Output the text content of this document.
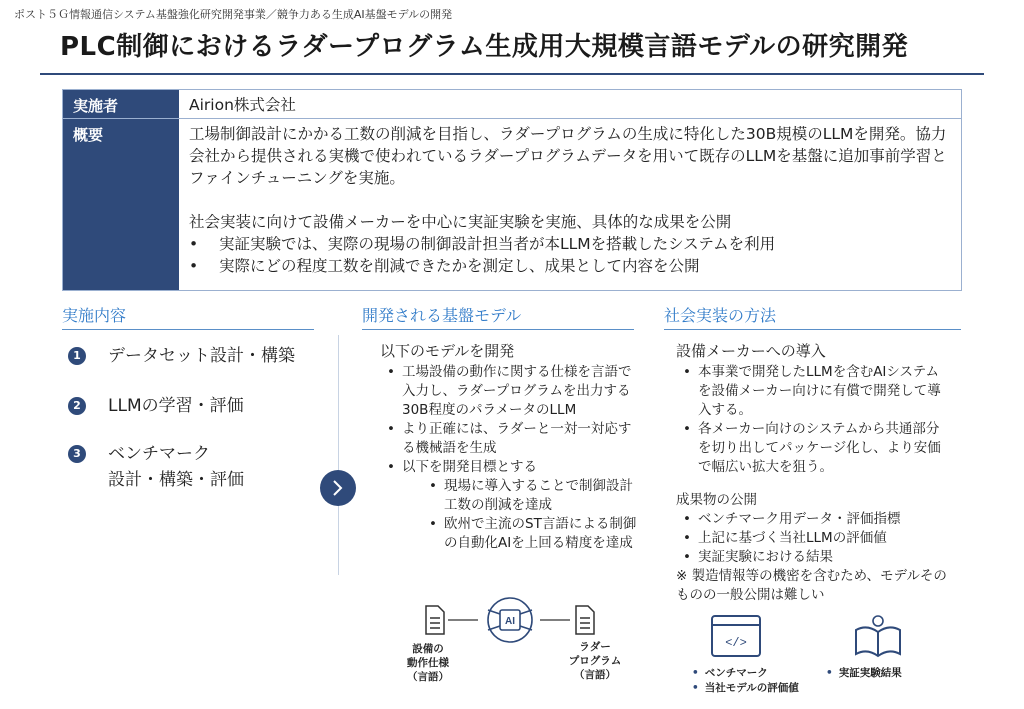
ポスト５Ｇ情報通信システム基盤強化研究開発事業／競争力ある生成AI基盤モデルの開発
PLC制御におけるラダープログラム生成用大規模言語モデルの研究開発
実施者	Airion株式会社
概要	工場制御設計にかかる工数の削減を目指し、ラダープログラムの生成に特化した30B規模のLLMを開発。協力会社から提供される実機で使われているラダープログラムデータを用いて既存のLLMを基盤に追加事前学習とファインチューニングを実施。
社会実装に向けて設備メーカーを中心に実証実験を実施、具体的な成果を公開
•	実証実験では、実際の現場の制御設計担当者が本LLMを搭載したシステムを利用
•	実際にどの程度工数を削減できたかを測定し、成果として内容を公開
実施内容	開発される基盤モデル	社会実装の方法
1	データセット設計・構築
2	LLMの学習・評価
3	ベンチマーク
設計・構築・評価
以下のモデルを開発
• 工場設備の動作に関する仕様を言語で入力し、ラダープログラムを出力する30B程度のパラメータのLLM
• より正確には、ラダーと一対一対応する機械語を生成
• 以下を開発目標とする
• 現場に導入することで制御設計工数の削減を達成
• 欧州で主流のST言語による制御の自動化AIを上回る精度を達成
AI
設備の
動作仕様
（言語）
ラダー
プログラム
（言語）
設備メーカーへの導入
• 本事業で開発したLLMを含むAIシステムを設備メーカー向けに有償で開発して導入する。
• 各メーカー向けのシステムから共通部分を切り出してパッケージ化し、より安価で幅広い拡大を狙う。
成果物の公開
• ベンチマーク用データ・評価指標
• 上記に基づく当社LLMの評価値
• 実証実験における結果
※ 製造情報等の機密を含むため、モデルそのものの一般公開は難しい
</>
• ベンチマーク
• 当社モデルの評価値
• 実証実験結果
